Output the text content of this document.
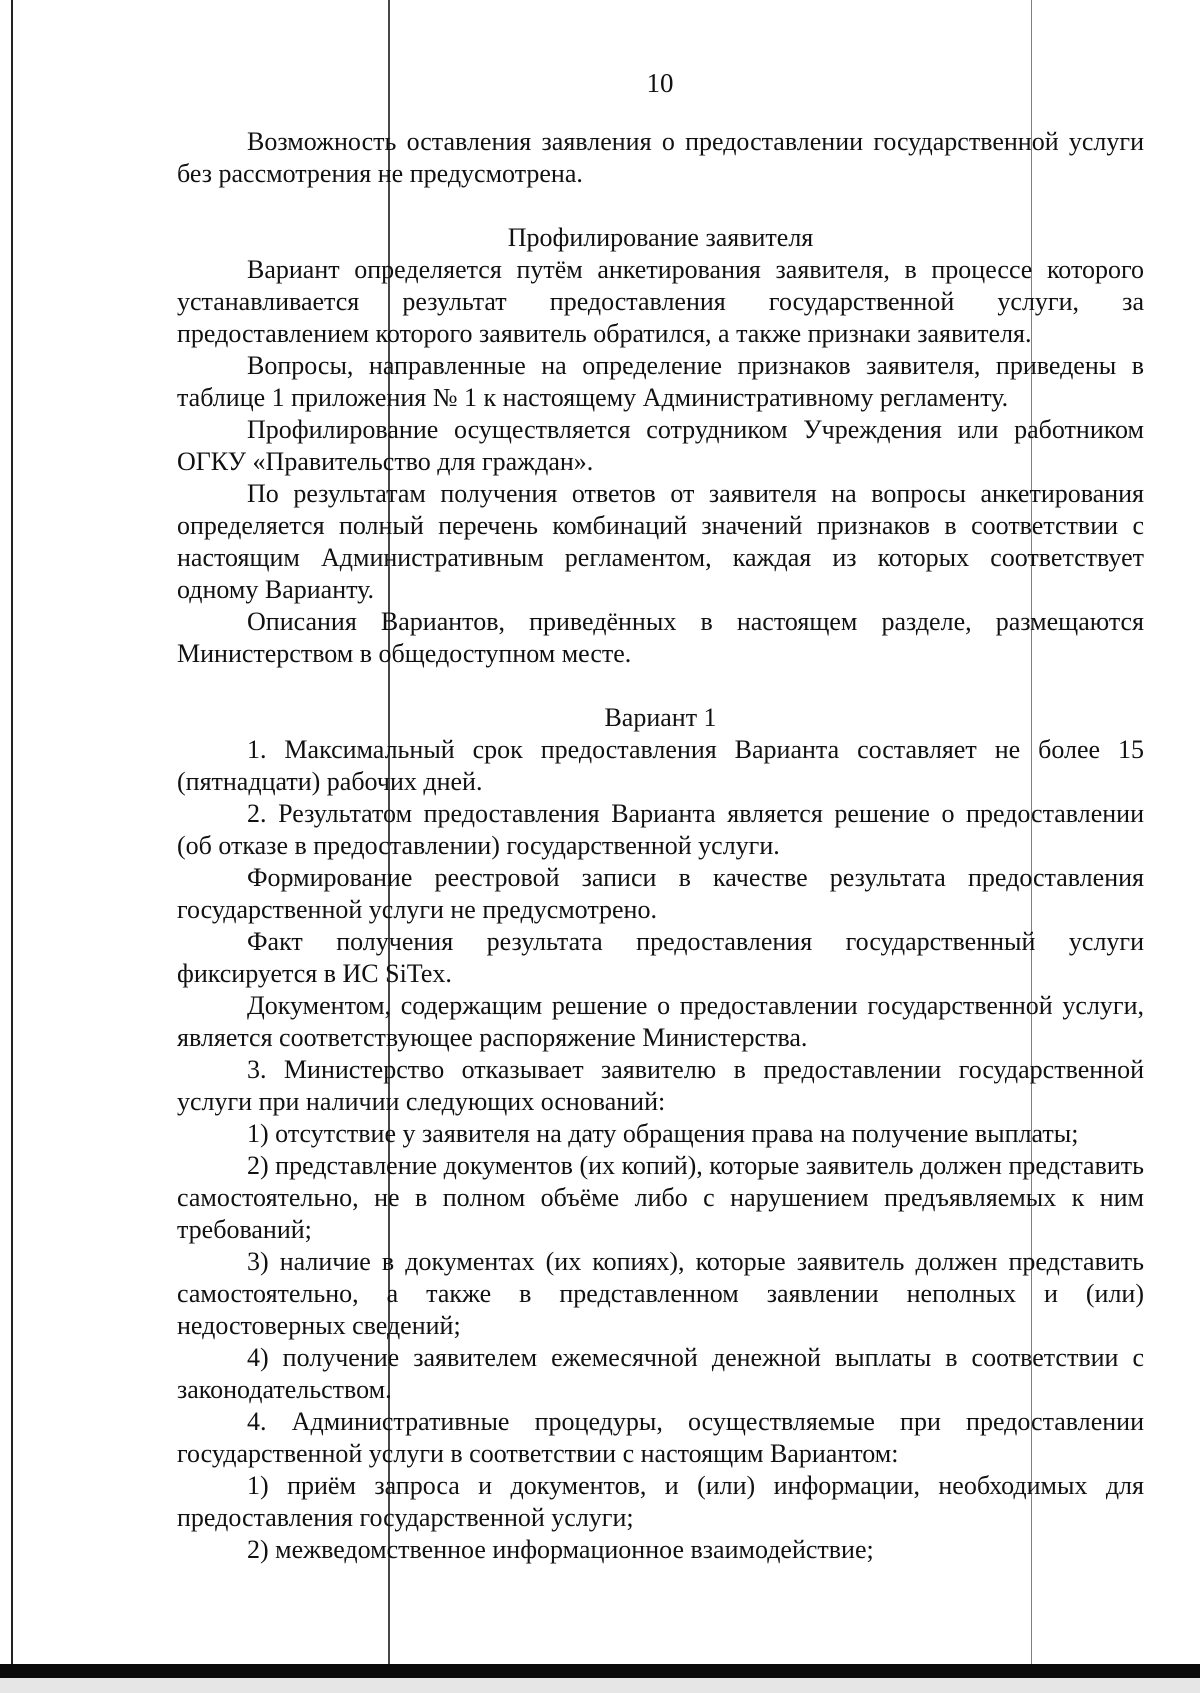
10

Возможность оставления заявления о предоставлении государственной услуги без рассмотрения не предусмотрена.

Профилирование заявителя

Вариант определяется путём анкетирования заявителя, в процессе которого устанавливается результат предоставления государственной услуги, за предоставлением которого заявитель обратился, а также признаки заявителя.

Вопросы, направленные на определение признаков заявителя, приведены в таблице 1 приложения № 1 к настоящему Административному регламенту.

Профилирование осуществляется сотрудником Учреждения или работником ОГКУ «Правительство для граждан».

По результатам получения ответов от заявителя на вопросы анкетирования определяется полный перечень комбинаций значений признаков в соответствии с настоящим Административным регламентом, каждая из которых соответствует одному Варианту.

Описания Вариантов, приведённых в настоящем разделе, размещаются Министерством в общедоступном месте.

Вариант 1

1. Максимальный срок предоставления Варианта составляет не более 15 (пятнадцати) рабочих дней.

2. Результатом предоставления Варианта является решение о предоставлении (об отказе в предоставлении) государственной услуги.

Формирование реестровой записи в качестве результата предоставления государственной услуги не предусмотрено.

Факт получения результата предоставления государственный услуги фиксируется в ИС SiTex.

Документом, содержащим решение о предоставлении государственной услуги, является соответствующее распоряжение Министерства.

3. Министерство отказывает заявителю в предоставлении государственной услуги при наличии следующих оснований:

1) отсутствие у заявителя на дату обращения права на получение выплаты;

2) представление документов (их копий), которые заявитель должен представить самостоятельно, не в полном объёме либо с нарушением предъявляемых к ним требований;

3) наличие в документах (их копиях), которые заявитель должен представить самостоятельно, а также в представленном заявлении неполных и (или) недостоверных сведений;

4) получение заявителем ежемесячной денежной выплаты в соответствии с законодательством.

4. Административные процедуры, осуществляемые при предоставлении государственной услуги в соответствии с настоящим Вариантом:

1) приём запроса и документов, и (или) информации, необходимых для предоставления государственной услуги;

2) межведомственное информационное взаимодействие;
